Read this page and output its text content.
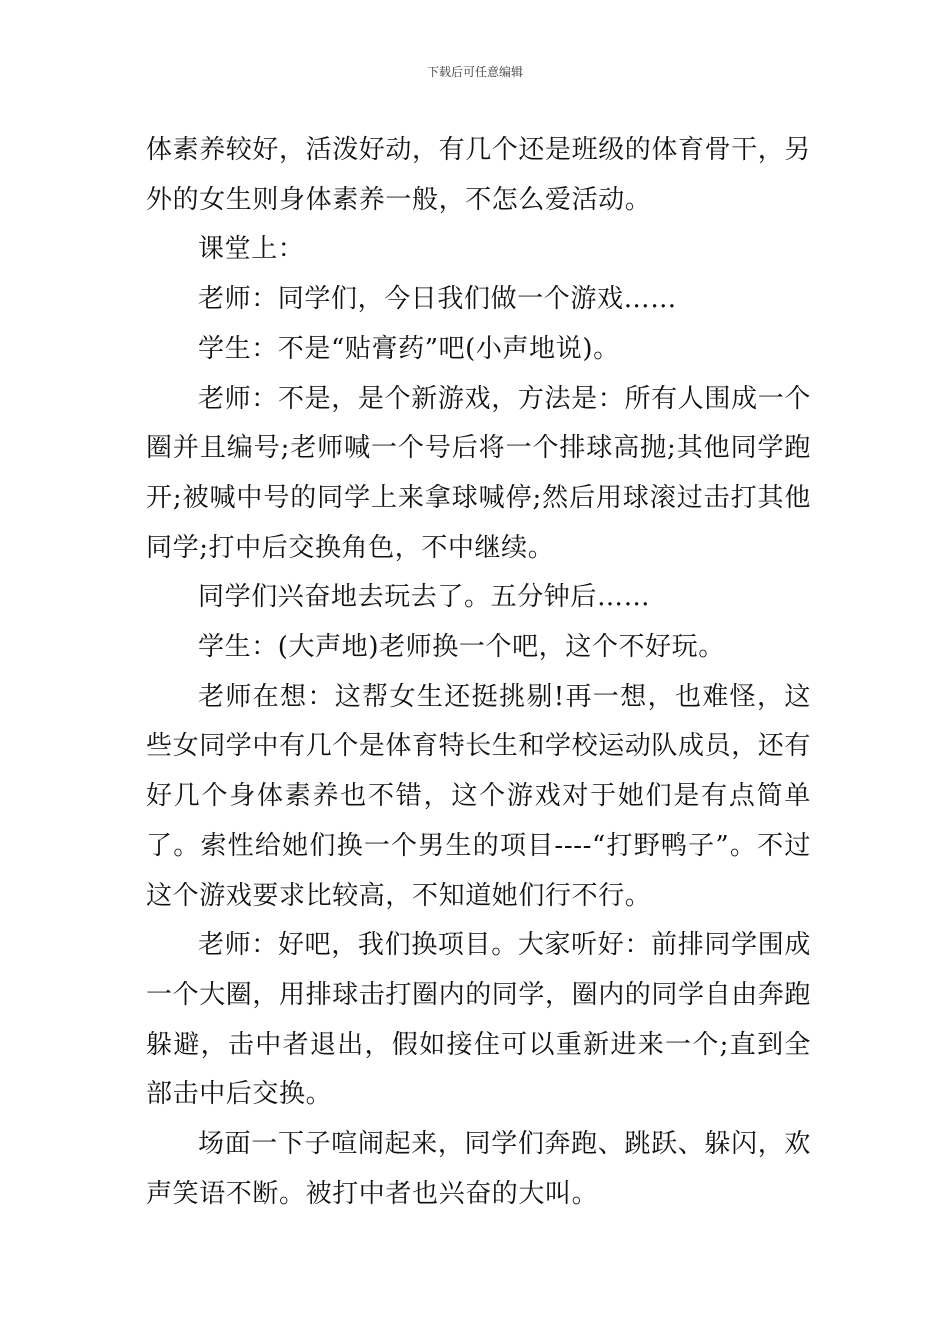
下载后可任意编辑

体素养较好，活泼好动，有几个还是班级的体育骨干，另外的女生则身体素养一般，不怎么爱活动。

课堂上：

老师：同学们，今日我们做一个游戏……

学生：不是“贴膏药”吧(小声地说)。

老师：不是，是个新游戏，方法是：所有人围成一个圈并且编号;老师喊一个号后将一个排球高抛;其他同学跑开;被喊中号的同学上来拿球喊停;然后用球滚过击打其他同学;打中后交换角色，不中继续。

同学们兴奋地去玩去了。五分钟后……

学生：(大声地)老师换一个吧，这个不好玩。

老师在想：这帮女生还挺挑剔!再一想，也难怪，这些女同学中有几个是体育特长生和学校运动队成员，还有好几个身体素养也不错，这个游戏对于她们是有点简单了。索性给她们换一个男生的项目----“打野鸭子”。不过这个游戏要求比较高，不知道她们行不行。

老师：好吧，我们换项目。大家听好：前排同学围成一个大圈，用排球击打圈内的同学，圈内的同学自由奔跑躲避，击中者退出，假如接住可以重新进来一个;直到全部击中后交换。

场面一下子喧闹起来，同学们奔跑、跳跃、躲闪，欢声笑语不断。被打中者也兴奋的大叫。
